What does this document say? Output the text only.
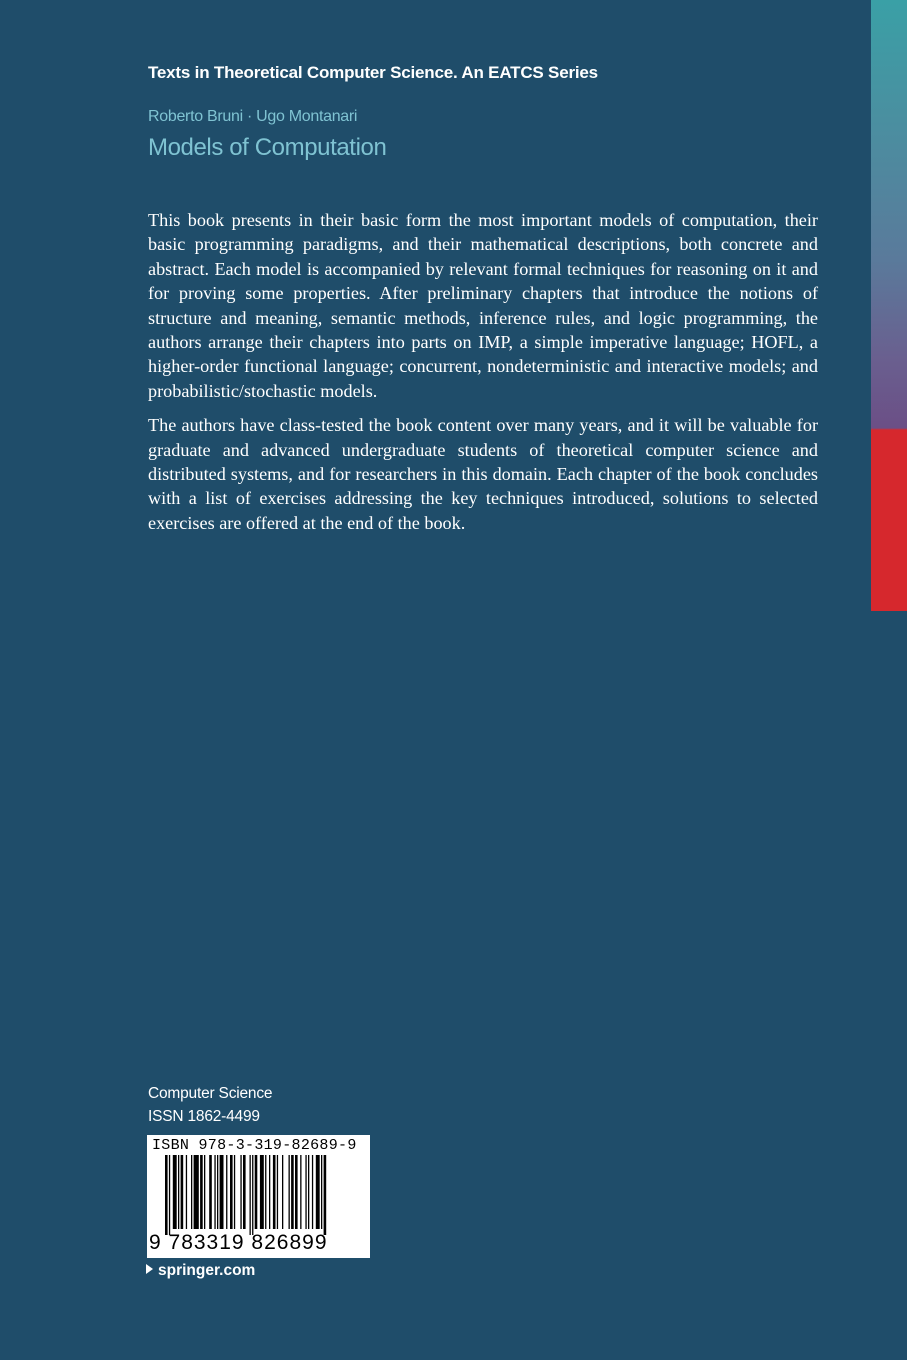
Texts in Theoretical Computer Science. An EATCS Series
Roberto Bruni · Ugo Montanari
Models of Computation

This book presents in their basic form the most important models of computation, their basic programming paradigms, and their mathematical descriptions, both concrete and abstract. Each model is accompanied by relevant formal techniques for reasoning on it and for proving some properties. After preliminary chapters that introduce the notions of structure and meaning, semantic methods, inference rules, and logic programming, the authors arrange their chapters into parts on IMP, a simple imperative language; HOFL, a higher-order functional language; concurrent, nondeterministic and interactive models; and probabilistic/stochastic models.

The authors have class-tested the book content over many years, and it will be valuable for graduate and advanced undergraduate students of theoretical computer science and distributed systems, and for researchers in this domain. Each chapter of the book concludes with a list of exercises addressing the key techniques introduced, solutions to selected exercises are offered at the end of the book.

Computer Science
ISSN 1862-4499
ISBN 978-3-319-82689-9
9 783319 826899
springer.com
